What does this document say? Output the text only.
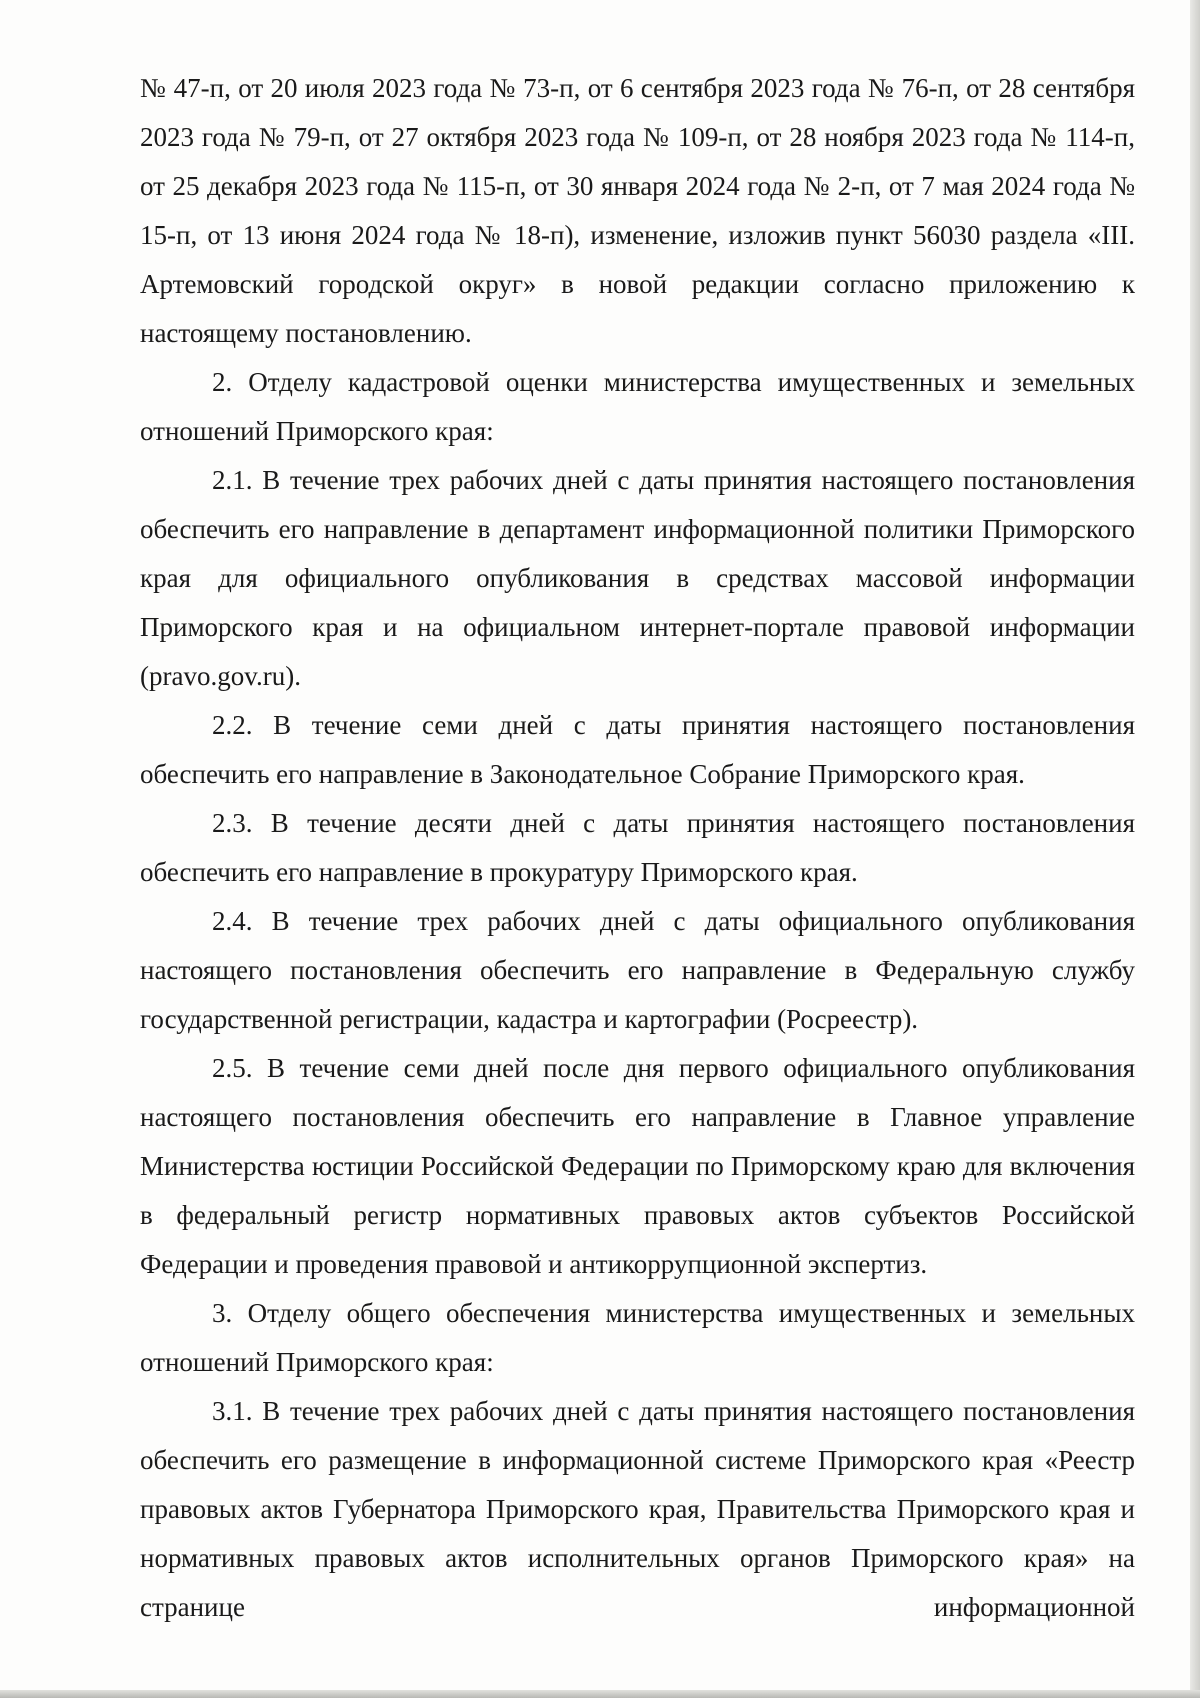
№ 47-п, от 20 июля 2023 года № 73-п, от 6 сентября 2023 года № 76-п, от 28 сентября 2023 года № 79-п, от 27 октября 2023 года № 109-п, от 28 ноября 2023 года № 114-п, от 25 декабря 2023 года № 115-п, от 30 января 2024 года № 2-п, от 7 мая 2024 года № 15-п, от 13 июня 2024 года № 18-п), изменение, изложив пункт 56030 раздела «III. Артемовский городской округ» в новой редакции согласно приложению к настоящему постановлению.

2. Отделу кадастровой оценки министерства имущественных и земельных отношений Приморского края:

2.1. В течение трех рабочих дней с даты принятия настоящего постановления обеспечить его направление в департамент информационной политики Приморского края для официального опубликования в средствах массовой информации Приморского края и на официальном интернет-портале правовой информации (pravo.gov.ru).

2.2. В течение семи дней с даты принятия настоящего постановления обеспечить его направление в Законодательное Собрание Приморского края.

2.3. В течение десяти дней с даты принятия настоящего постановления обеспечить его направление в прокуратуру Приморского края.

2.4. В течение трех рабочих дней с даты официального опубликования настоящего постановления обеспечить его направление в Федеральную службу государственной регистрации, кадастра и картографии (Росреестр).

2.5. В течение семи дней после дня первого официального опубликования настоящего постановления обеспечить его направление в Главное управление Министерства юстиции Российской Федерации по Приморскому краю для включения в федеральный регистр нормативных правовых актов субъектов Российской Федерации и проведения правовой и антикоррупционной экспертиз.

3. Отделу общего обеспечения министерства имущественных и земельных отношений Приморского края:

3.1. В течение трех рабочих дней с даты принятия настоящего постановления обеспечить его размещение в информационной системе Приморского края «Реестр правовых актов Губернатора Приморского края, Правительства Приморского края и нормативных правовых актов исполнительных органов Приморского края» на странице информационной
